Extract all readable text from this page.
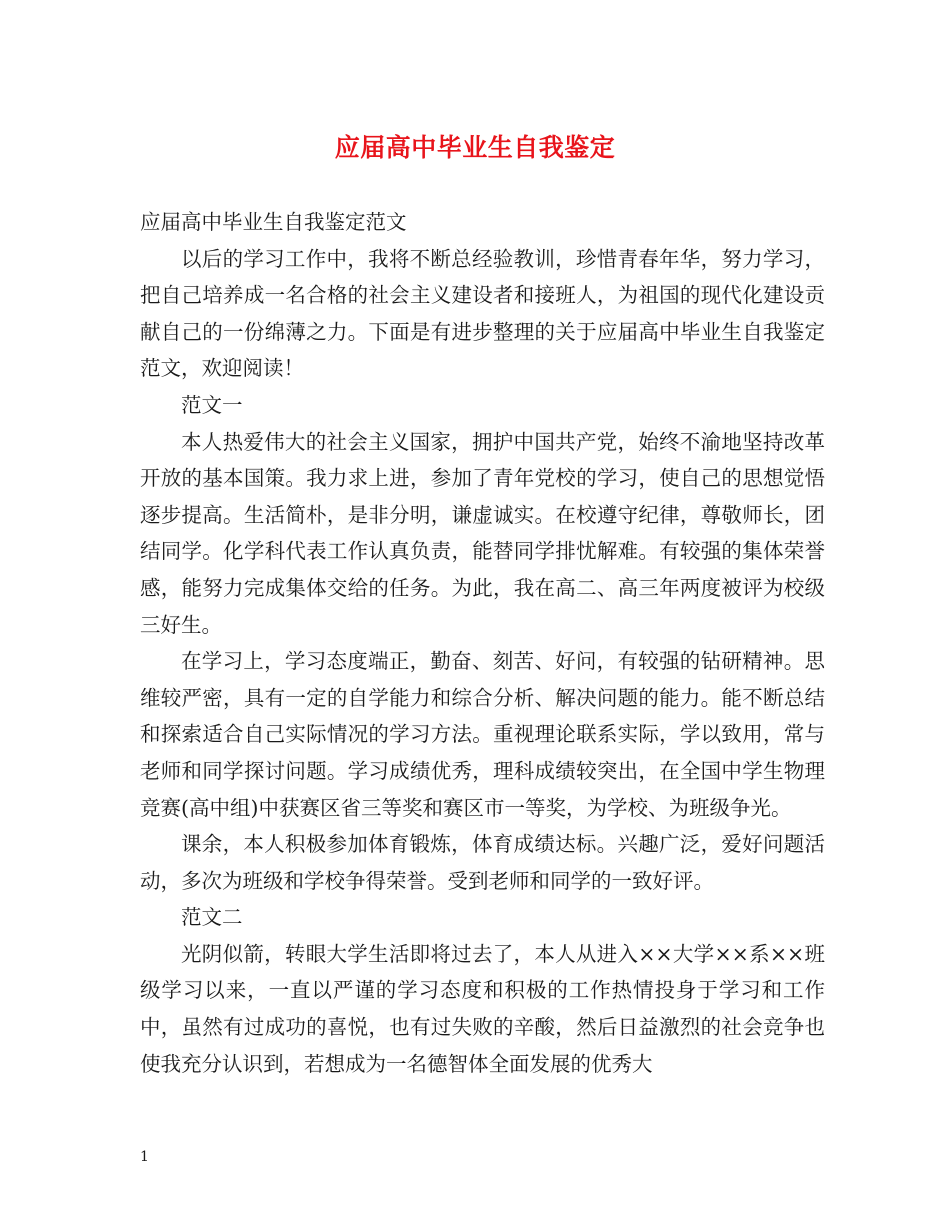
应届高中毕业生自我鉴定

应届高中毕业生自我鉴定范文

以后的学习工作中，我将不断总经验教训，珍惜青春年华，努力学习，把自己培养成一名合格的社会主义建设者和接班人，为祖国的现代化建设贡献自己的一份绵薄之力。下面是有进步整理的关于应届高中毕业生自我鉴定范文，欢迎阅读！

范文一

本人热爱伟大的社会主义国家，拥护中国共产党，始终不渝地坚持改革开放的基本国策。我力求上进，参加了青年党校的学习，使自己的思想觉悟逐步提高。生活简朴，是非分明，谦虚诚实。在校遵守纪律，尊敬师长，团结同学。化学科代表工作认真负责，能替同学排忧解难。有较强的集体荣誉感，能努力完成集体交给的任务。为此，我在高二、高三年两度被评为校级三好生。

在学习上，学习态度端正，勤奋、刻苦、好问，有较强的钻研精神。思维较严密，具有一定的自学能力和综合分析、解决问题的能力。能不断总结和探索适合自己实际情况的学习方法。重视理论联系实际，学以致用，常与老师和同学探讨问题。学习成绩优秀，理科成绩较突出，在全国中学生物理竞赛(高中组)中获赛区省三等奖和赛区市一等奖，为学校、为班级争光。

课余，本人积极参加体育锻炼，体育成绩达标。兴趣广泛，爱好问题活动，多次为班级和学校争得荣誉。受到老师和同学的一致好评。

范文二

光阴似箭，转眼大学生活即将过去了，本人从进入××大学××系××班级学习以来，一直以严谨的学习态度和积极的工作热情投身于学习和工作中，虽然有过成功的喜悦，也有过失败的辛酸，然后日益激烈的社会竞争也使我充分认识到，若想成为一名德智体全面发展的优秀大

1
